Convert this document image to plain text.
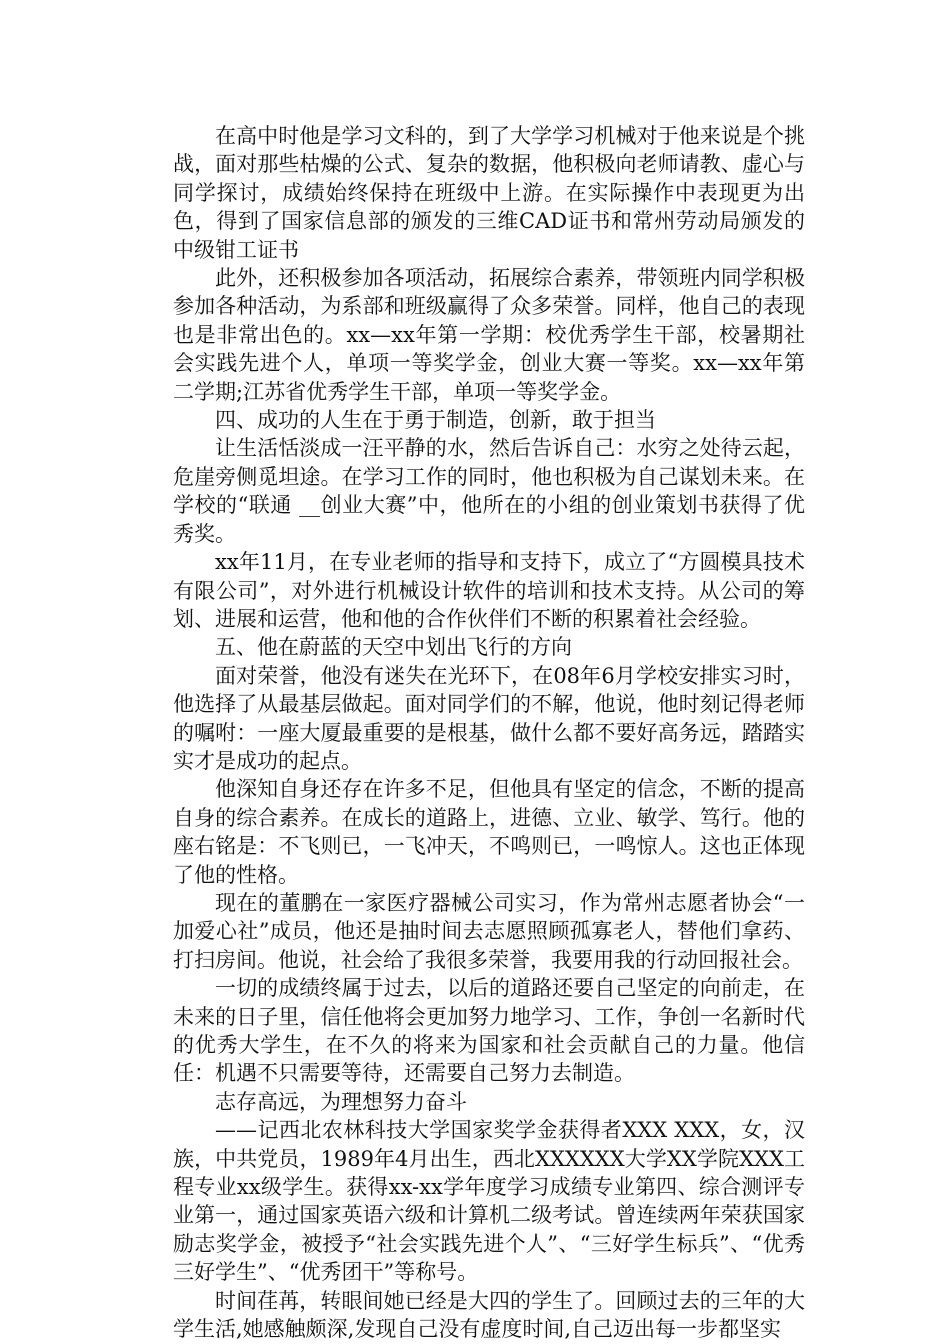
在高中时他是学习文科的，到了大学学习机械对于他来说是个挑战，面对那些枯燥的公式、复杂的数据，他积极向老师请教、虚心与同学探讨，成绩始终保持在班级中上游。在实际操作中表现更为出色，得到了国家信息部的颁发的三维CAD证书和常州劳动局颁发的中级钳工证书

此外，还积极参加各项活动，拓展综合素养，带领班内同学积极参加各种活动，为系部和班级赢得了众多荣誉。同样，他自己的表现也是非常出色的。xx—xx年第一学期：校优秀学生干部，校暑期社会实践先进个人，单项一等奖学金，创业大赛一等奖。xx—xx年第二学期;江苏省优秀学生干部，单项一等奖学金。

四、成功的人生在于勇于制造，创新，敢于担当

让生活恬淡成一汪平静的水，然后告诉自己：水穷之处待云起，危崖旁侧觅坦途。在学习工作的同时，他也积极为自己谋划未来。在学校的“联通 __创业大赛”中，他所在的小组的创业策划书获得了优秀奖。

xx年11月，在专业老师的指导和支持下，成立了“方圆模具技术有限公司”，对外进行机械设计软件的培训和技术支持。从公司的筹划、进展和运营，他和他的合作伙伴们不断的积累着社会经验。

五、他在蔚蓝的天空中划出飞行的方向

面对荣誉，他没有迷失在光环下，在08年6月学校安排实习时，他选择了从最基层做起。面对同学们的不解，他说，他时刻记得老师的嘱咐：一座大厦最重要的是根基，做什么都不要好高务远，踏踏实实才是成功的起点。

他深知自身还存在许多不足，但他具有坚定的信念，不断的提高自身的综合素养。在成长的道路上，进德、立业、敏学、笃行。他的座右铭是：不飞则已，一飞冲天，不鸣则已，一鸣惊人。这也正体现了他的性格。

现在的董鹏在一家医疗器械公司实习，作为常州志愿者协会“一加爱心社”成员，他还是抽时间去志愿照顾孤寡老人，替他们拿药、打扫房间。他说，社会给了我很多荣誉，我要用我的行动回报社会。

一切的成绩终属于过去，以后的道路还要自己坚定的向前走，在未来的日子里，信任他将会更加努力地学习、工作，争创一名新时代的优秀大学生，在不久的将来为国家和社会贡献自己的力量。他信任：机遇不只需要等待，还需要自己努力去制造。

志存高远，为理想努力奋斗

——记西北农林科技大学国家奖学金获得者XXX XXX，女，汉族，中共党员，1989年4月出生，西北XXXXXX大学XX学院XXX工程专业xx级学生。获得xx-xx学年度学习成绩专业第四、综合测评专业第一，通过国家英语六级和计算机二级考试。曾连续两年荣获国家励志奖学金，被授予“社会实践先进个人”、“三好学生标兵”、“优秀三好学生”、“优秀团干”等称号。

时间荏苒，转眼间她已经是大四的学生了。回顾过去的三年的大学生活,她感触颇深,发现自己没有虚度时间,自己迈出每一步都坚实
